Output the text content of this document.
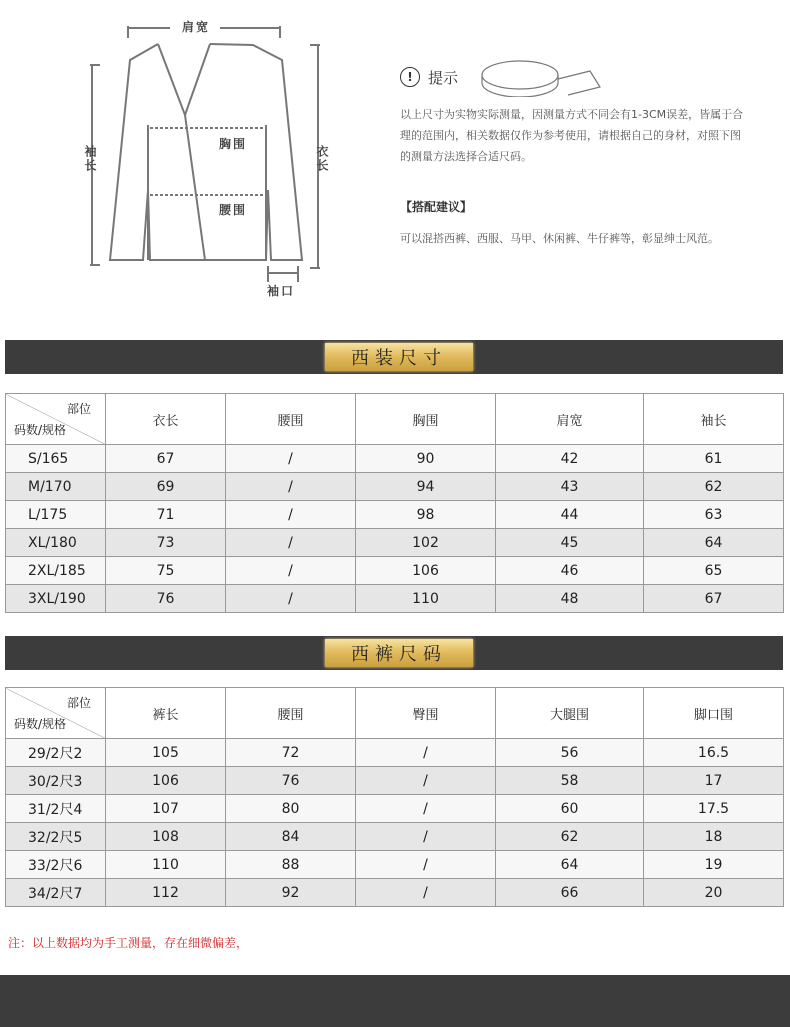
肩宽
袖长	衣长
胸围
腰围
袖口
!	提示
以上尺寸为实物实际测量，因测量方式不同会有1-3CM误差，皆属于合理的范围内，相关数据仅作为参考使用，请根据自己的身材，对照下图的测量方法选择合适尺码。
【搭配建议】
可以混搭西裤、西服、马甲、休闲裤、牛仔裤等，彰显绅士风范。
西装尺寸
部位
码数/规格	衣长	腰围	胸围	肩宽	袖长
S/165	67	/	90	42	61
M/170	69	/	94	43	62
L/175	71	/	98	44	63
XL/180	73	/	102	45	64
2XL/185	75	/	106	46	65
3XL/190	76	/	110	48	67
西裤尺码
部位
码数/规格	裤长	腰围	臀围	大腿围	脚口围
29/2尺2	105	72	/	56	16.5
30/2尺3	106	76	/	58	17
31/2尺4	107	80	/	60	17.5
32/2尺5	108	84	/	62	18
33/2尺6	110	88	/	64	19
34/2尺7	112	92	/	66	20
注：以上数据均为手工测量，存在细微偏差，
